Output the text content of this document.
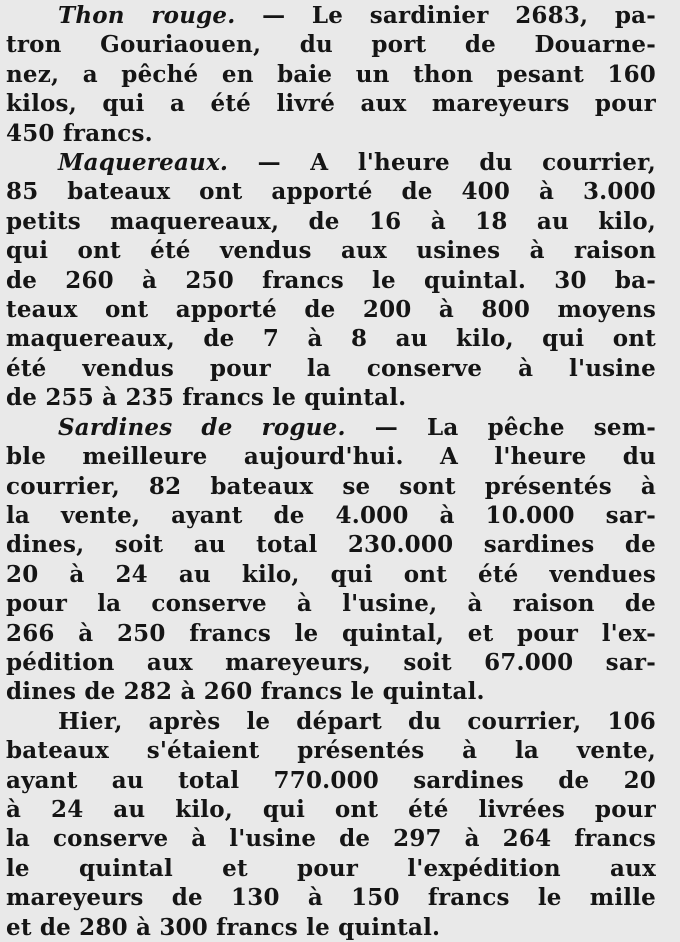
Thon rouge. — Le sardinier 2683, pa-
tron Gouriaouen, du port de Douarne-
nez, a pêché en baie un thon pesant 160
kilos, qui a été livré aux mareyeurs pour
450 francs.

Maquereaux. — A l'heure du courrier,
85 bateaux ont apporté de 400 à 3.000
petits maquereaux, de 16 à 18 au kilo,
qui ont été vendus aux usines à raison
de 260 à 250 francs le quintal. 30 ba-
teaux ont apporté de 200 à 800 moyens
maquereaux, de 7 à 8 au kilo, qui ont
été vendus pour la conserve à l'usine
de 255 à 235 francs le quintal.

Sardines de rogue. — La pêche sem-
ble meilleure aujourd'hui. A l'heure du
courrier, 82 bateaux se sont présentés à
la vente, ayant de 4.000 à 10.000 sar-
dines, soit au total 230.000 sardines de
20 à 24 au kilo, qui ont été vendues
pour la conserve à l'usine, à raison de
266 à 250 francs le quintal, et pour l'ex-
pédition aux mareyeurs, soit 67.000 sar-
dines de 282 à 260 francs le quintal.

Hier, après le départ du courrier, 106
bateaux s'étaient présentés à la vente,
ayant au total 770.000 sardines de 20
à 24 au kilo, qui ont été livrées pour
la conserve à l'usine de 297 à 264 francs
le quintal et pour l'expédition aux
mareyeurs de 130 à 150 francs le mille
et de 280 à 300 francs le quintal.
